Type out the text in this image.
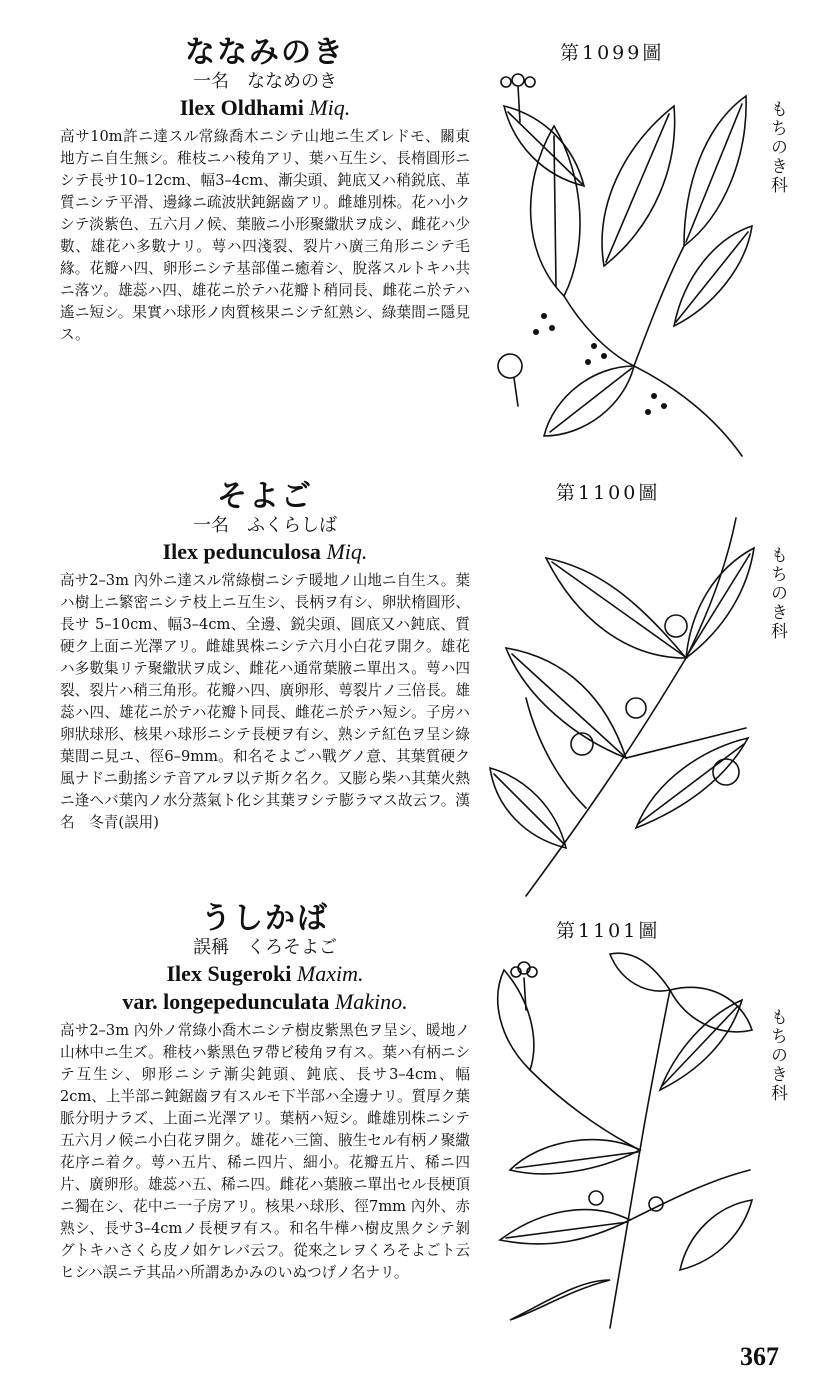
ななみのき
一名　ななめのき
Ilex Oldhami Miq.
高サ10m許ニ達スル常綠喬木ニシテ山地ニ生ズレドモ、關東地方ニ自生無シ。稚枝ニハ稜角アリ、葉ハ互生シ、長楕圓形ニシテ長サ10–12cm、幅3–4cm、漸尖頭、鈍底又ハ稍鋭底、革質ニシテ平滑、邊緣ニ疏波狀鈍鋸齒アリ。雌雄別株。花ハ小クシテ淡紫色、五六月ノ候、葉腋ニ小形聚繖狀ヲ成シ、雌花ハ少數、雄花ハ多數ナリ。萼ハ四淺裂、裂片ハ廣三角形ニシテ毛緣。花瓣ハ四、卵形ニシテ基部僅ニ癒着シ、脫落スルトキハ共ニ落ツ。雄蕊ハ四、雄花ニ於テハ花瓣ト稍同長、雌花ニ於テハ遙ニ短シ。果實ハ球形ノ肉質核果ニシテ紅熟シ、綠葉間ニ隱見ス。
そよご
一名　ふくらしば
Ilex pedunculosa Miq.
高サ2–3m 內外ニ達スル常綠樹ニシテ暖地ノ山地ニ自生ス。葉ハ樹上ニ繁密ニシテ枝上ニ互生シ、長柄ヲ有シ、卵狀楕圓形、長サ 5–10cm、幅3–4cm、全邊、鋭尖頭、圓底又ハ鈍底、質硬ク上面ニ光澤アリ。雌雄異株ニシテ六月小白花ヲ開ク。雄花ハ多數集リテ聚繖狀ヲ成シ、雌花ハ通常葉腋ニ單出ス。萼ハ四裂、裂片ハ稍三角形。花瓣ハ四、廣卵形、萼裂片ノ三倍長。雄蕊ハ四、雄花ニ於テハ花瓣ト同長、雌花ニ於テハ短シ。子房ハ卵狀球形、核果ハ球形ニシテ長梗ヲ有シ、熟シテ紅色ヲ呈シ綠葉間ニ見ユ、徑6–9mm。和名そよごハ戰グノ意、其葉質硬ク風ナドニ動搖シテ音アルヲ以テ斯ク名ク。又膨ら柴ハ其葉火熱ニ逢ヘバ葉內ノ水分蒸氣ト化シ其葉ヲシテ膨ラマス故云フ。漢名　冬青(誤用)
うしかば
誤稱　くろそよご
Ilex Sugeroki Maxim.
var. longepedunculata Makino.
高サ2–3m 內外ノ常綠小喬木ニシテ樹皮紫黑色ヲ呈シ、暖地ノ山林中ニ生ズ。稚枝ハ紫黑色ヲ帶ビ稜角ヲ有ス。葉ハ有柄ニシテ互生シ、卵形ニシテ漸尖鈍頭、鈍底、長サ3–4cm、幅2cm、上半部ニ鈍鋸齒ヲ有スルモ下半部ハ全邊ナリ。質厚ク葉脈分明ナラズ、上面ニ光澤アリ。葉柄ハ短シ。雌雄別株ニシテ五六月ノ候ニ小白花ヲ開ク。雄花ハ三箇、腋生セル有柄ノ聚繖花序ニ着ク。萼ハ五片、稀ニ四片、細小。花瓣五片、稀ニ四片、廣卵形。雄蕊ハ五、稀ニ四。雌花ハ葉腋ニ單出セル長梗頂ニ獨在シ、花中ニ一子房アリ。核果ハ球形、徑7mm 內外、赤熟シ、長サ3–4cmノ長梗ヲ有ス。和名牛樺ハ樹皮黑クシテ剝グトキハさくら皮ノ如ケレバ云フ。從來之レヲくろそよごト云ヒシハ誤ニテ其品ハ所謂あかみのいぬつげノ名ナリ。
第1099圖
第1100圖
第1101圖
もちのき科
もちのき科
もちのき科
367
